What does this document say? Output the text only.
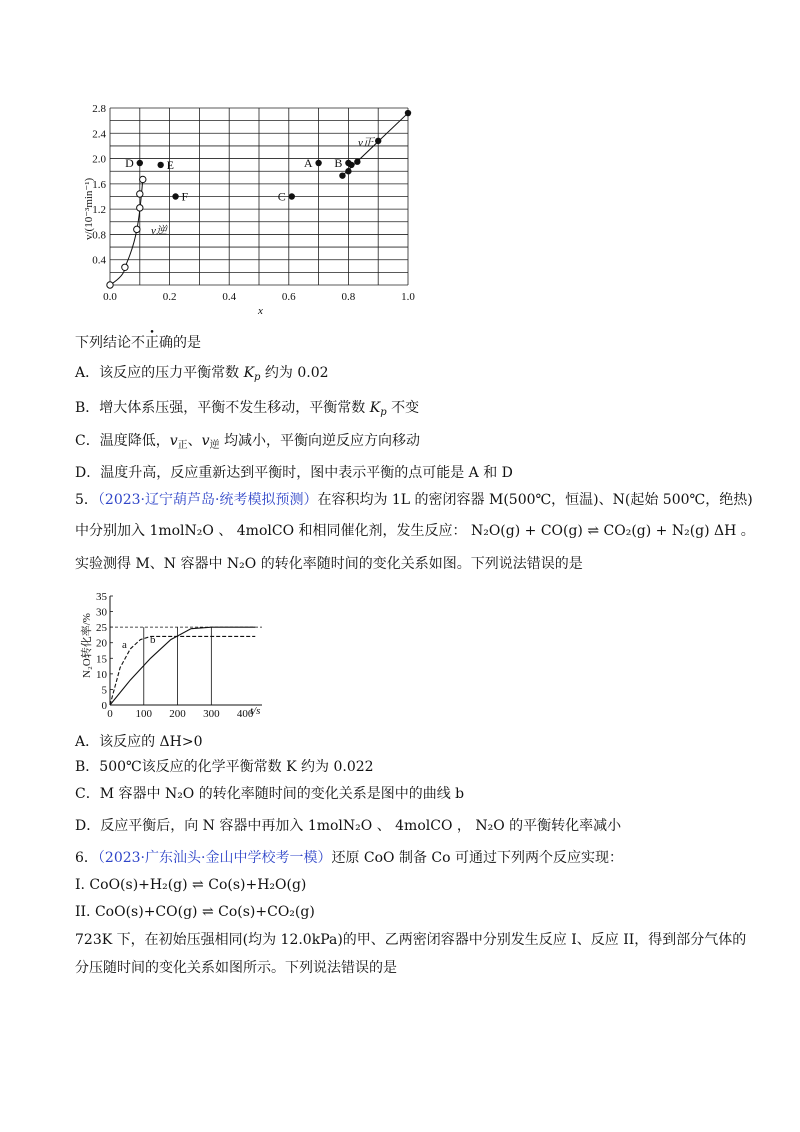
A B
C
D	E
F
0.4
0.8
1.2
1.6
2.0
2.4
2.8
0.0	0.2	0.4	0.6	0.8	1.0
v/(10⁻³min⁻¹)
x
v正
v逆
下列结论不正确的是
A．该反应的压力平衡常数 $K_p$ 约为 0.02
B．增大体系压强，平衡不发生移动，平衡常数 $K_p$ 不变
C．温度降低，$v_正$、$v_逆$ 均减小，平衡向逆反应方向移动
D．温度升高，反应重新达到平衡时，图中表示平衡的点可能是 A 和 D
5．（2023·辽宁葫芦岛·统考模拟预测）在容积均为 1L 的密闭容器 M(500℃，恒温)、N(起始 500℃，绝热)
中分别加入 1molN₂O 、 4molCO 和相同催化剂，发生反应： N₂O(g) + CO(g) ⇌ CO₂(g) + N₂(g) ΔH 。
实验测得 M、N 容器中 N₂O 的转化率随时间的变化关系如图。下列说法错误的是
0
5
10
15
20
25
30
35
0 100 200 300 400
N₂O转化率/%
t/s
a b
A．该反应的 ΔH>0
B．500℃该反应的化学平衡常数 K 约为 0.022
C．M 容器中 N₂O 的转化率随时间的变化关系是图中的曲线 b
D．反应平衡后，向 N 容器中再加入 1molN₂O 、 4molCO ， N₂O 的平衡转化率减小
6．（2023·广东汕头·金山中学校考一模）还原 CoO 制备 Co 可通过下列两个反应实现：
I. CoO(s)+H₂(g) ⇌ Co(s)+H₂O(g)
II. CoO(s)+CO(g) ⇌ Co(s)+CO₂(g)
723K 下，在初始压强相同(均为 12.0kPa)的甲、乙两密闭容器中分别发生反应 I、反应 II，得到部分气体的
分压随时间的变化关系如图所示。下列说法错误的是
